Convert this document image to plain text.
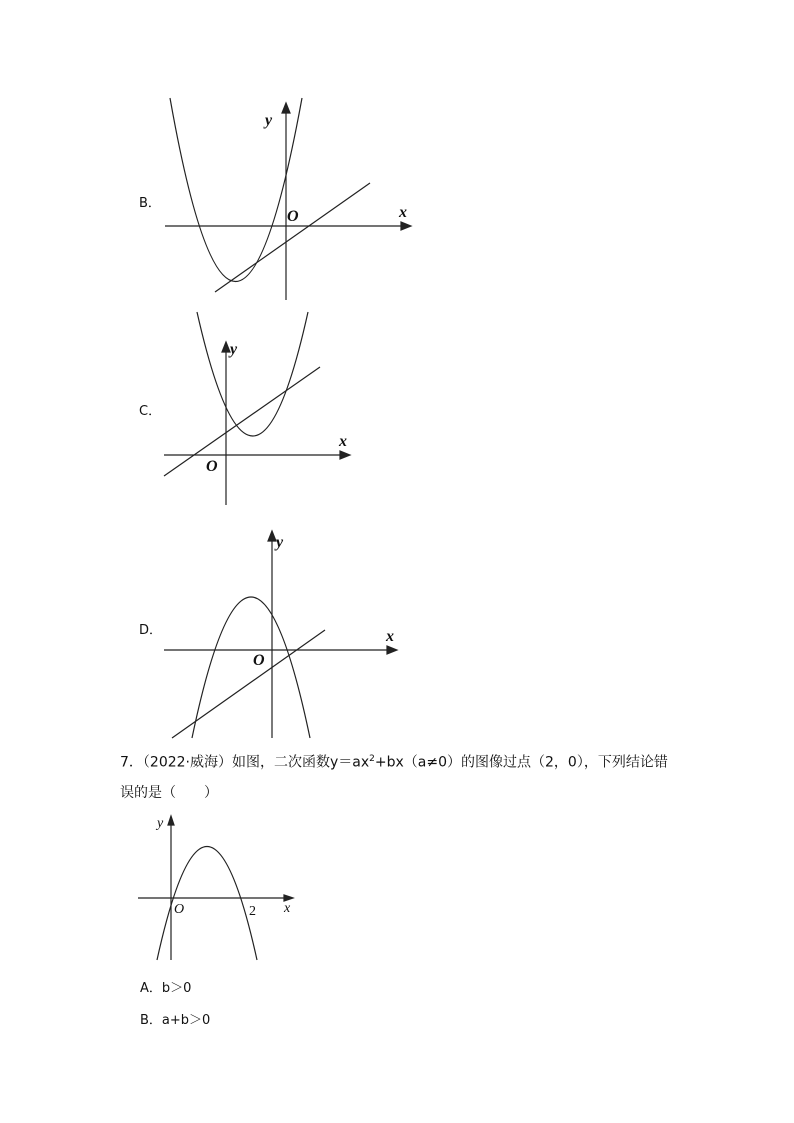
B．
y
x
O
C．
y
x
O
D．
y
x
O
7．（2022·威海）如图，二次函数$y=ax^2+bx(a\ne 0)$的图像过点（2，0），下列结论错误的是（　　）
y
x
O	2
A．b＞0
B．a+b＞0
